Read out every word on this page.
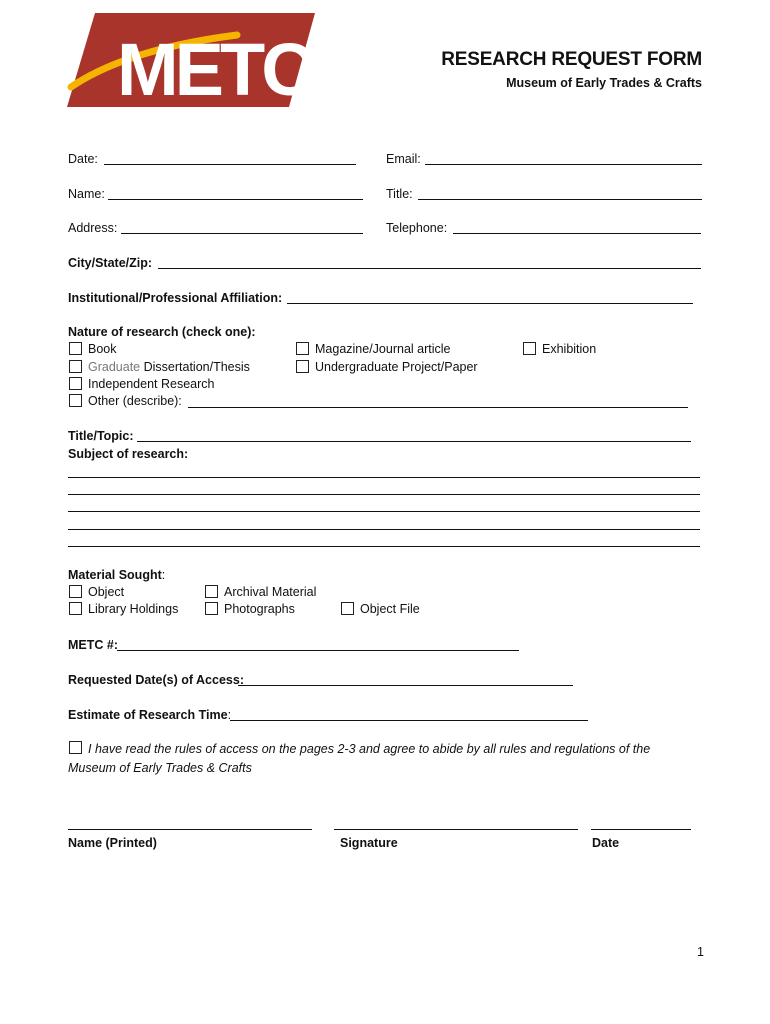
METC	RESEARCH REQUEST FORM
Museum of Early Trades & Crafts
Date:	Email:
Name:	Title:
Address:	Telephone:
City/State/Zip:
Institutional/Professional Affiliation:
Nature of research (check one):
Book
Graduate Dissertation/Thesis
Independent Research
Other (describe):
Magazine/Journal article
Undergraduate Project/Paper
Exhibition
Title/Topic:
Subject of research:
Material Sought:
Object
Library Holdings
Archival Material
Photographs	Object File
METC #:
Requested Date(s) of Access:
Estimate of Research Time:
I have read the rules of access on the pages 2-3 and agree to abide by all rules and regulations of the
Museum of Early Trades & Crafts
Name (Printed)	Signature	Date
1
